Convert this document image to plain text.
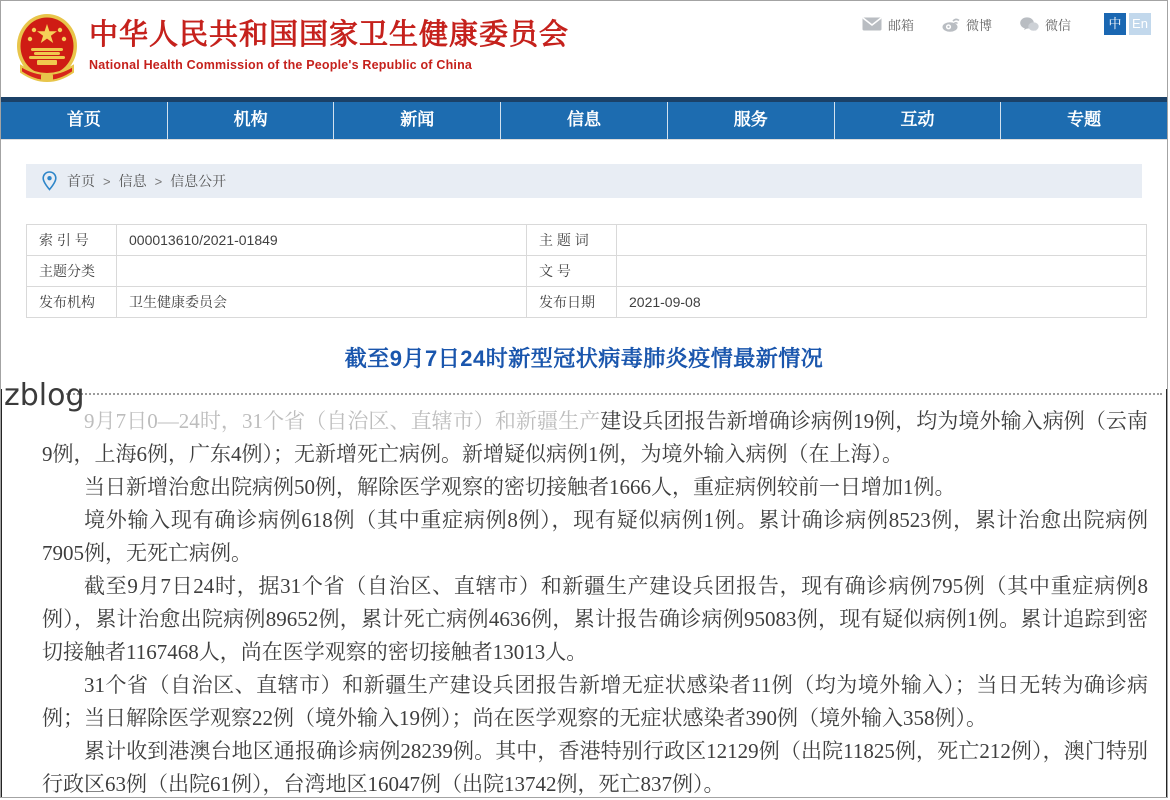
中华人民共和国国家卫生健康委员会
National Health Commission of the People's Republic of China
邮箱	微博	微信	中 En
首页	机构	新闻	信息	服务	互动	专题
首页 > 信息 > 信息公开
索 引 号	000013610/2021-01849	主 题 词	
主题分类		文 号	
发布机构	卫生健康委员会	发布日期	2021-09-08
截至9月7日24时新型冠状病毒肺炎疫情最新情况
zblog

9月7日0—24时，31个省（自治区、直辖市）和新疆生产建设兵团报告新增确诊病例19例，均为境外输入病例（云南9例，上海6例，广东4例）；无新增死亡病例。新增疑似病例1例，为境外输入病例（在上海）。

当日新增治愈出院病例50例，解除医学观察的密切接触者1666人，重症病例较前一日增加1例。

境外输入现有确诊病例618例（其中重症病例8例），现有疑似病例1例。累计确诊病例8523例，累计治愈出院病例7905例，无死亡病例。

截至9月7日24时，据31个省（自治区、直辖市）和新疆生产建设兵团报告，现有确诊病例795例（其中重症病例8例），累计治愈出院病例89652例，累计死亡病例4636例，累计报告确诊病例95083例，现有疑似病例1例。累计追踪到密切接触者1167468人，尚在医学观察的密切接触者13013人。

31个省（自治区、直辖市）和新疆生产建设兵团报告新增无症状感染者11例（均为境外输入）；当日无转为确诊病例；当日解除医学观察22例（境外输入19例）；尚在医学观察的无症状感染者390例（境外输入358例）。

累计收到港澳台地区通报确诊病例28239例。其中，香港特别行政区12129例（出院11825例，死亡212例），澳门特别行政区63例（出院61例），台湾地区16047例（出院13742例，死亡837例）。
